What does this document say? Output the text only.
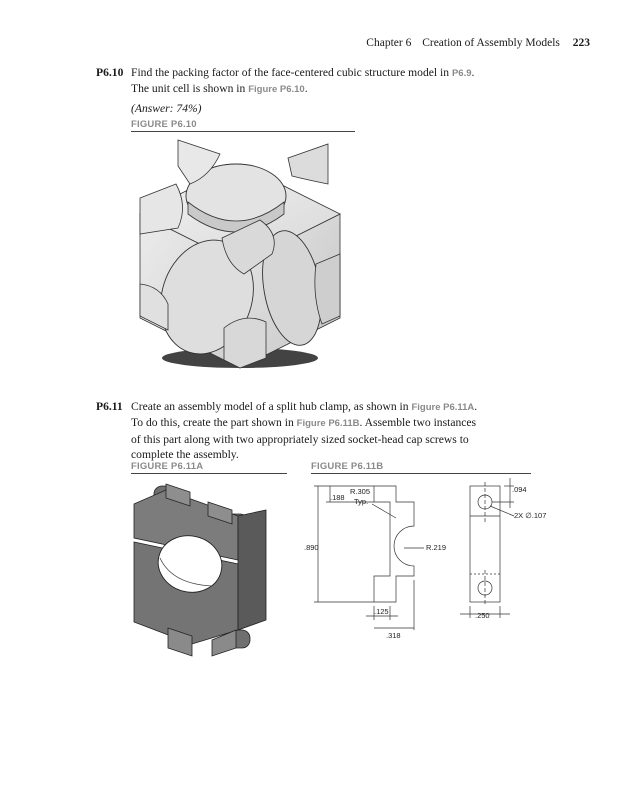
Chapter 6 Creation of Assembly Models 223
P6.10 Find the packing factor of the face-centered cubic structure model in P6.9.
The unit cell is shown in Figure P6.10.
(Answer: 74%)
FIGURE P6.10
P6.11 Create an assembly model of a split hub clamp, as shown in Figure P6.11A.
To do this, create the part shown in Figure P6.11B. Assemble two instances
of this part along with two appropriately sized socket-head cap screws to
complete the assembly.
FIGURE P6.11A	FIGURE P6.11B
R.305
Typ.
.188
.890	R.219
.125
.318
.094
2X ∅.107
.250
